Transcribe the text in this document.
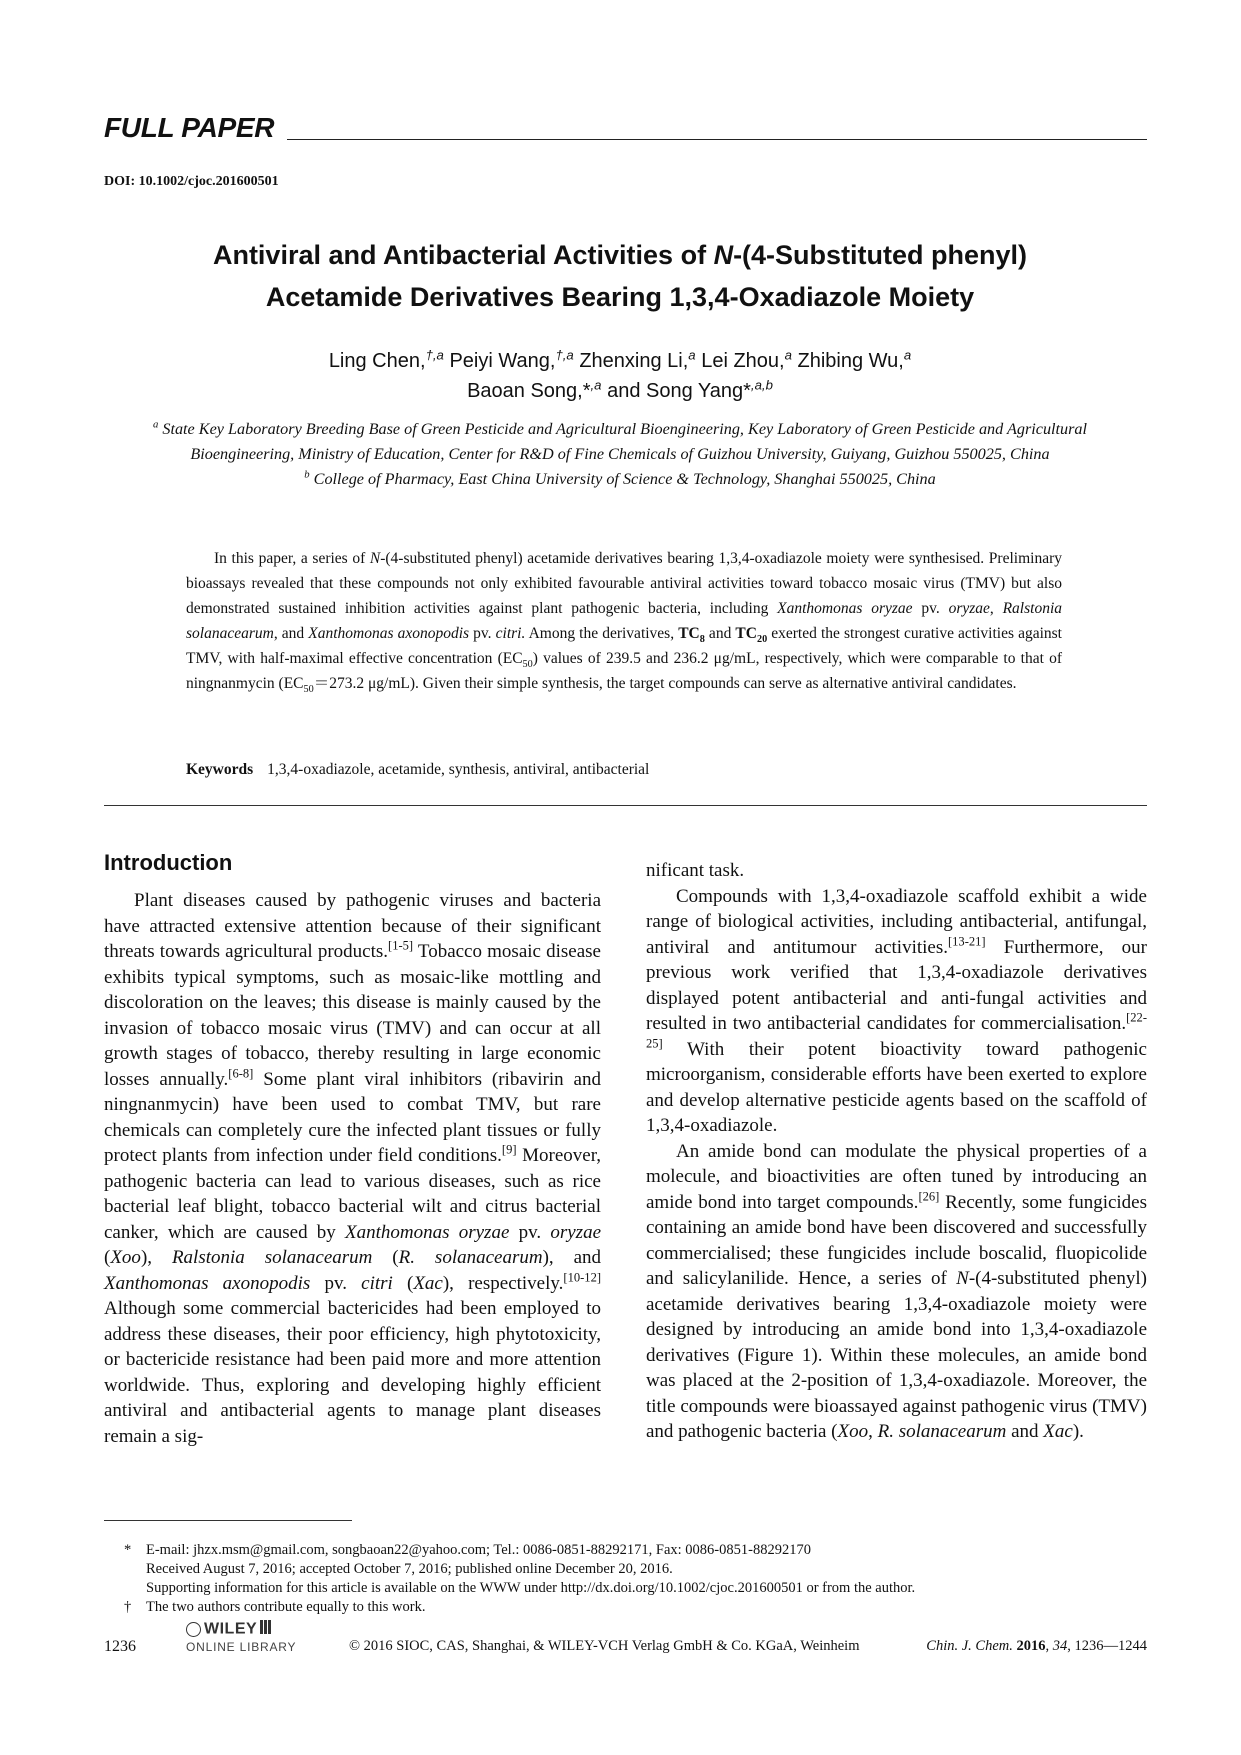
FULL PAPER
DOI: 10.1002/cjoc.201600501
Antiviral and Antibacterial Activities of N-(4-Substituted phenyl)
Acetamide Derivatives Bearing 1,3,4-Oxadiazole Moiety
Ling Chen,$^{\dagger,a}$ Peiyi Wang,$^{\dagger,a}$ Zhenxing Li,$^a$ Lei Zhou,$^a$ Zhibing Wu,$^a$
Baoan Song,*$^{,a}$ and Song Yang*$^{,a,b}$

$^a$ State Key Laboratory Breeding Base of Green Pesticide and Agricultural Bioengineering, Key Laboratory of Green Pesticide and Agricultural Bioengineering, Ministry of Education, Center for R&D of Fine Chemicals of Guizhou University, Guiyang, Guizhou 550025, China

$^b$ College of Pharmacy, East China University of Science & Technology, Shanghai 550025, China

In this paper, a series of N-(4-substituted phenyl) acetamide derivatives bearing 1,3,4-oxadiazole moiety were synthesised. Preliminary bioassays revealed that these compounds not only exhibited favourable antiviral activities toward tobacco mosaic virus (TMV) but also demonstrated sustained inhibition activities against plant pathogenic bacteria, including Xanthomonas oryzae pv. oryzae, Ralstonia solanacearum, and Xanthomonas axonopodis pv. citri. Among the derivatives, $TC_8$ and $TC_{20}$ exerted the strongest curative activities against TMV, with half-maximal effective concentration $(EC_{50})$ values of 239.5 and 236.2 μg/mL, respectively, which were comparable to that of ningnanmycin ($EC_{50}=273.2$ μg/mL). Given their simple synthesis, the target compounds can serve as alternative antiviral candidates.

Keywords 1,3,4-oxadiazole, acetamide, synthesis, antiviral, antibacterial
Introduction

Plant diseases caused by pathogenic viruses and bacteria have attracted extensive attention because of their significant threats towards agricultural products.[1-5] Tobacco mosaic disease exhibits typical symptoms, such as mosaic-like mottling and discoloration on the leaves; this disease is mainly caused by the invasion of tobacco mosaic virus (TMV) and can occur at all growth stages of tobacco, thereby resulting in large economic losses annually.[6-8] Some plant viral inhibitors (ribavirin and ningnanmycin) have been used to combat TMV, but rare chemicals can completely cure the infected plant tissues or fully protect plants from infection under field conditions.[9] Moreover, pathogenic bacteria can lead to various diseases, such as rice bacterial leaf blight, tobacco bacterial wilt and citrus bacterial canker, which are caused by Xanthomonas oryzae pv. oryzae (Xoo), Ralstonia solanacearum (R. solanacearum), and Xanthomonas axonopodis pv. citri (Xac), respectively.[10-12] Although some commercial bactericides had been employed to address these diseases, their poor efficiency, high phytotoxicity, or bactericide resistance had been paid more and more attention worldwide. Thus, exploring and developing highly efficient antiviral and antibacterial agents to manage plant diseases remain a sig-

nificant task.

Compounds with 1,3,4-oxadiazole scaffold exhibit a wide range of biological activities, including antibacterial, antifungal, antiviral and antitumour activities.[13-21] Furthermore, our previous work verified that 1,3,4-oxadiazole derivatives displayed potent antibacterial and anti-fungal activities and resulted in two antibacterial candidates for commercialisation.[22-25] With their potent bioactivity toward pathogenic microorganism, considerable efforts have been exerted to explore and develop alternative pesticide agents based on the scaffold of 1,3,4-oxadiazole.

An amide bond can modulate the physical properties of a molecule, and bioactivities are often tuned by introducing an amide bond into target compounds.[26] Recently, some fungicides containing an amide bond have been discovered and successfully commercialised; these fungicides include boscalid, fluopicolide and salicylanilide. Hence, a series of N-(4-substituted phenyl) acetamide derivatives bearing 1,3,4-oxadiazole moiety were designed by introducing an amide bond into 1,3,4-oxadiazole derivatives (Figure 1). Within these molecules, an amide bond was placed at the 2-position of 1,3,4-oxadiazole. Moreover, the title compounds were bioassayed against pathogenic virus (TMV) and pathogenic bacteria (Xoo, R. solanacearum and Xac).

* E-mail: jhzx.msm@gmail.com, songbaoan22@yahoo.com; Tel.: 0086-0851-88292171, Fax: 0086-0851-88292170
Received August 7, 2016; accepted October 7, 2016; published online December 20, 2016.
Supporting information for this article is available on the WWW under http://dx.doi.org/10.1002/cjoc.201600501 or from the author.
† The two authors contribute equally to this work.
1236
WILEY
ONLINE LIBRARY	© 2016 SIOC, CAS, Shanghai, & WILEY-VCH Verlag GmbH & Co. KGaA, Weinheim	Chin. J. Chem. 2016, 34, 1236—1244
